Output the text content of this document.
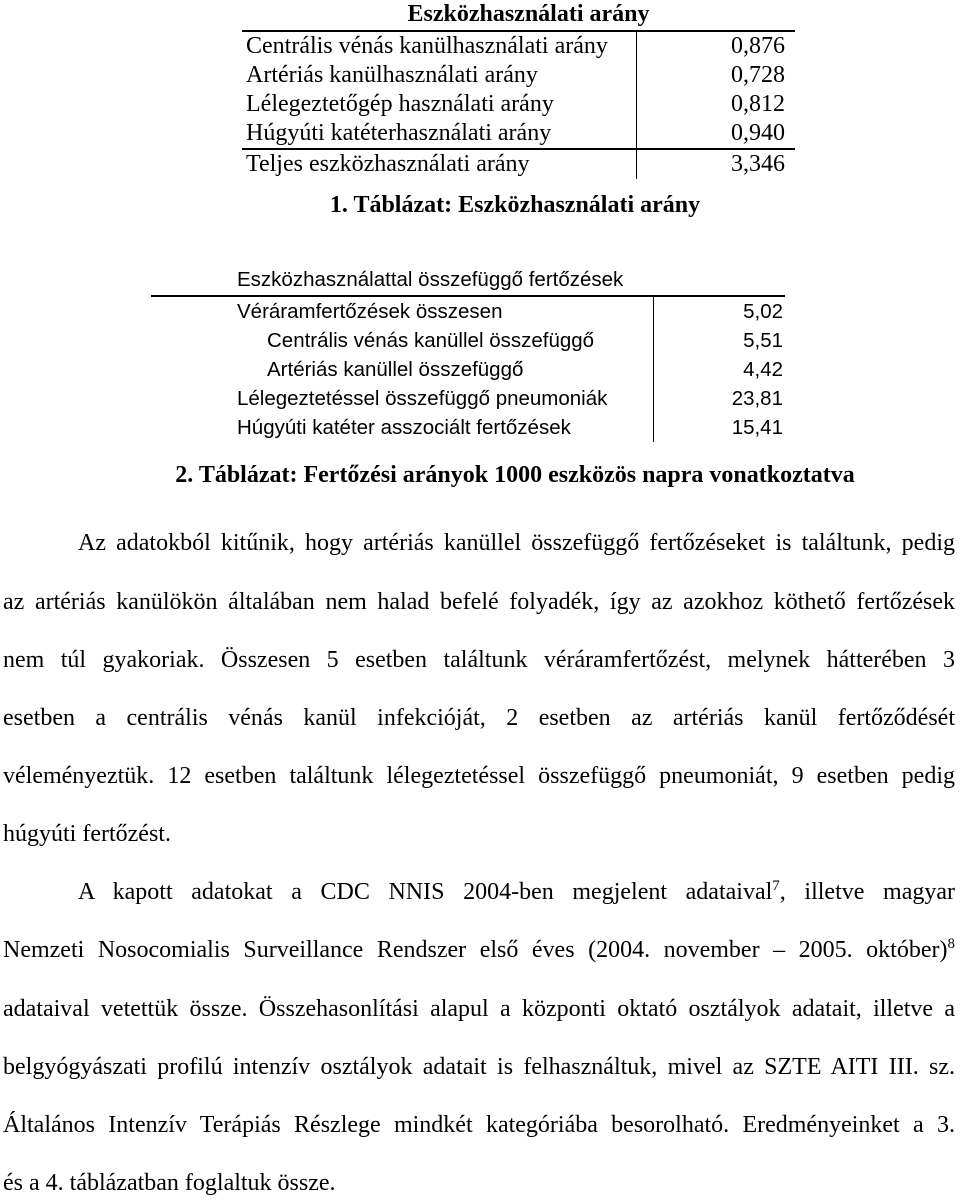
Eszközhasználati arány
Centrális vénás kanülhasználati arány	0,876
Artériás kanülhasználati arány	0,728
Lélegeztetőgép használati arány	0,812
Húgyúti katéterhasználati arány	0,940
Teljes eszközhasználati arány	3,346
1. Táblázat: Eszközhasználati arány
Eszközhasználattal összefüggő fertőzések
Véráramfertőzések összesen	5,02
Centrális vénás kanüllel összefüggő	5,51
Artériás kanüllel összefüggő	4,42
Lélegeztetéssel összefüggő pneumoniák	23,81
Húgyúti katéter asszociált fertőzések	15,41
2. Táblázat: Fertőzési arányok 1000 eszközös napra vonatkoztatva
Az adatokból kitűnik, hogy artériás kanüllel összefüggő fertőzéseket is találtunk, pedig
az artériás kanülökön általában nem halad befelé folyadék, így az azokhoz köthető fertőzések
nem túl gyakoriak. Összesen 5 esetben találtunk véráramfertőzést, melynek hátterében 3
esetben a centrális vénás kanül infekcióját, 2 esetben az artériás kanül fertőződését
véleményeztük. 12 esetben találtunk lélegeztetéssel összefüggő pneumoniát, 9 esetben pedig
húgyúti fertőzést.
A kapott adatokat a CDC NNIS 2004-ben megjelent adataival$^7$, illetve magyar
Nemzeti Nosocomialis Surveillance Rendszer első éves (2004. november – 2005. október)$^8$
adataival vetettük össze. Összehasonlítási alapul a központi oktató osztályok adatait, illetve a
belgyógyászati profilú intenzív osztályok adatait is felhasználtuk, mivel az SZTE AITI III. sz.
Általános Intenzív Terápiás Részlege mindkét kategóriába besorolható. Eredményeinket a 3.
és a 4. táblázatban foglaltuk össze.
